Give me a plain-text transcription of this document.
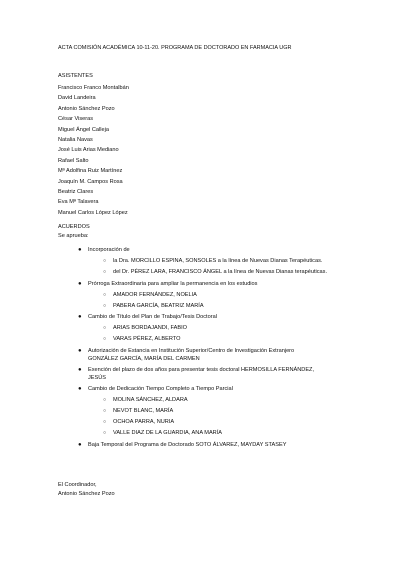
ACTA COMISIÓN ACADÉMICA 10-11-20. PROGRAMA DE DOCTORADO EN FARMACIA UGR
ASISTENTES
Francisco Franco Montalbán
David Landeira
Antonio Sánchez Pozo
César Viseras
Miguel Ángel Calleja
Natalia Navas
José Luis Arias Mediano
Rafael Salto
Mª Adolfina Ruiz Martínez
Joaquín M. Campos Rosa
Beatriz Clares
Eva Mª Talavera
Manuel Carlos López López
ACUERDOS
Se aprueba:
● Incorporación de
○ la Dra. MORCILLO ESPINA, SONSOLES a la línea de Nuevas Dianas Terapéuticas.
○ del Dr. PÉREZ LARA, FRANCISCO ÁNGEL a la línea de Nuevas Dianas terapéuticas.
● Prórroga Extraordinaria para ampliar la permanencia en los estudios
○ AMADOR FERNÁNDEZ, NOELIA
○ PABERA GARCÍA, BEATRIZ MARÍA
● Cambio de Título del Plan de Trabajo/Tesis Doctoral
○ ARIAS BORDAJANDI, FABIO
○ VARAS PÉREZ, ALBERTO
● Autorización de Estancia en Institución Superior/Centro de Investigación Extranjero
GONZÁLEZ GARCÍA, MARÍA DEL CARMEN
● Exención del plazo de dos años para presentar tesis doctoral HERMOSILLA FERNÁNDEZ,
JESÚS
● Cambio de Dedicación Tiempo Completo a Tiempo Parcial
○ MOLINA SÁNCHEZ, ALDARA
○ NEVOT BLANC, MARÍA
○ OCHOA PARRA, NURIA
○ VALLE DIAZ DE LA GUARDIA, ANA MARÍA
● Baja Temporal del Programa de Doctorado SOTO ÁLVAREZ, MAYDAY STASEY
El Coordinador,
Antonio Sánchez Pozo
